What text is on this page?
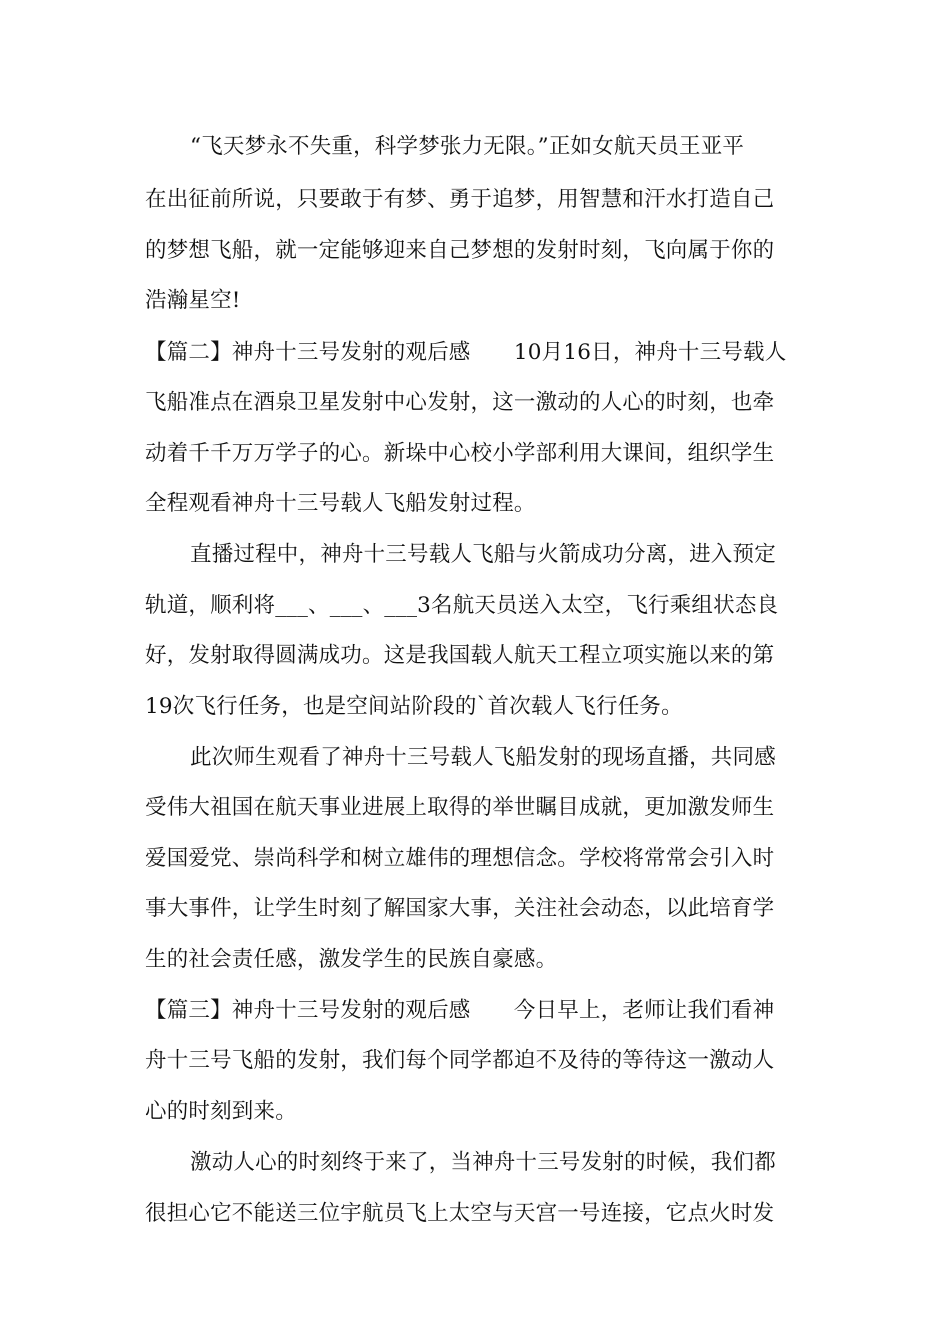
“飞天梦永不失重，科学梦张力无限。”正如女航天员王亚平
在出征前所说，只要敢于有梦、勇于追梦，用智慧和汗水打造自己
的梦想飞船，就一定能够迎来自己梦想的发射时刻，飞向属于你的
浩瀚星空!
【篇二】神舟十三号发射的观后感　　10月16日，神舟十三号载人
飞船准点在酒泉卫星发射中心发射，这一激动的人心的时刻，也牵
动着千千万万学子的心。新垛中心校小学部利用大课间，组织学生
全程观看神舟十三号载人飞船发射过程。
直播过程中，神舟十三号载人飞船与火箭成功分离，进入预定
轨道，顺利将___、___、___3名航天员送入太空，飞行乘组状态良
好，发射取得圆满成功。这是我国载人航天工程立项实施以来的第
19次飞行任务，也是空间站阶段的`首次载人飞行任务。
此次师生观看了神舟十三号载人飞船发射的现场直播，共同感
受伟大祖国在航天事业进展上取得的举世瞩目成就，更加激发师生
爱国爱党、崇尚科学和树立雄伟的理想信念。学校将常常会引入时
事大事件，让学生时刻了解国家大事，关注社会动态，以此培育学
生的社会责任感，激发学生的民族自豪感。
【篇三】神舟十三号发射的观后感　　今日早上，老师让我们看神
舟十三号飞船的发射，我们每个同学都迫不及待的等待这一激动人
心的时刻到来。
激动人心的时刻终于来了，当神舟十三号发射的时候，我们都
很担心它不能送三位宇航员飞上太空与天宫一号连接，它点火时发
